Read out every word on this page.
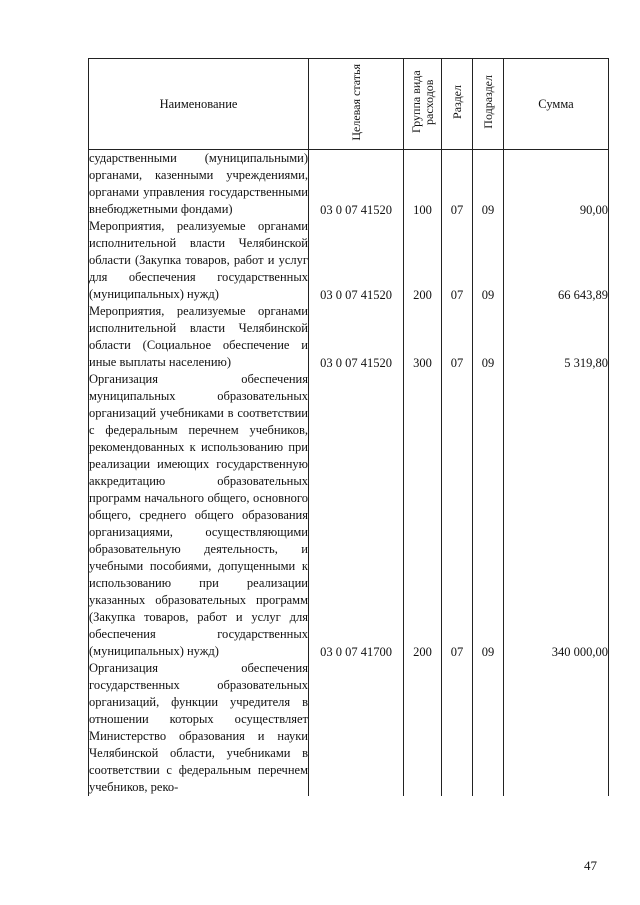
Наименование	Целевая статья	Группа вида расходов	Раздел	Подраздел	Сумма
сударственными (муниципальными) органами, казенными учреждениями, органами управления государственными внебюджетными фондами)	03 0 07 41520	100	07	09	90,00
Мероприятия, реализуемые органами исполнительной власти Челябинской области (Закупка товаров, работ и услуг для обеспечения государственных (муниципальных) нужд)	03 0 07 41520	200	07	09	66 643,89
Мероприятия, реализуемые органами исполнительной власти Челябинской области (Социальное обеспечение и иные выплаты населению)	03 0 07 41520	300	07	09	5 319,80
Организация обеспечения муниципальных образовательных организаций учебниками в соответствии с федеральным перечнем учебников, рекомендованных к использованию при реализации имеющих государственную аккредитацию образовательных программ начального общего, основного общего, среднего общего образования организациями, осуществляющими образовательную деятельность, и учебными пособиями, допущенными к использованию при реализации указанных образовательных программ (Закупка товаров, работ и услуг для обеспечения государственных (муниципальных) нужд)	03 0 07 41700	200	07	09	340 000,00
Организация обеспечения государственных образовательных организаций, функции учредителя в отношении которых осуществляет Министерство образования и науки Челябинской области, учебниками в соответствии с федеральным перечнем учебников, реко-					
47
